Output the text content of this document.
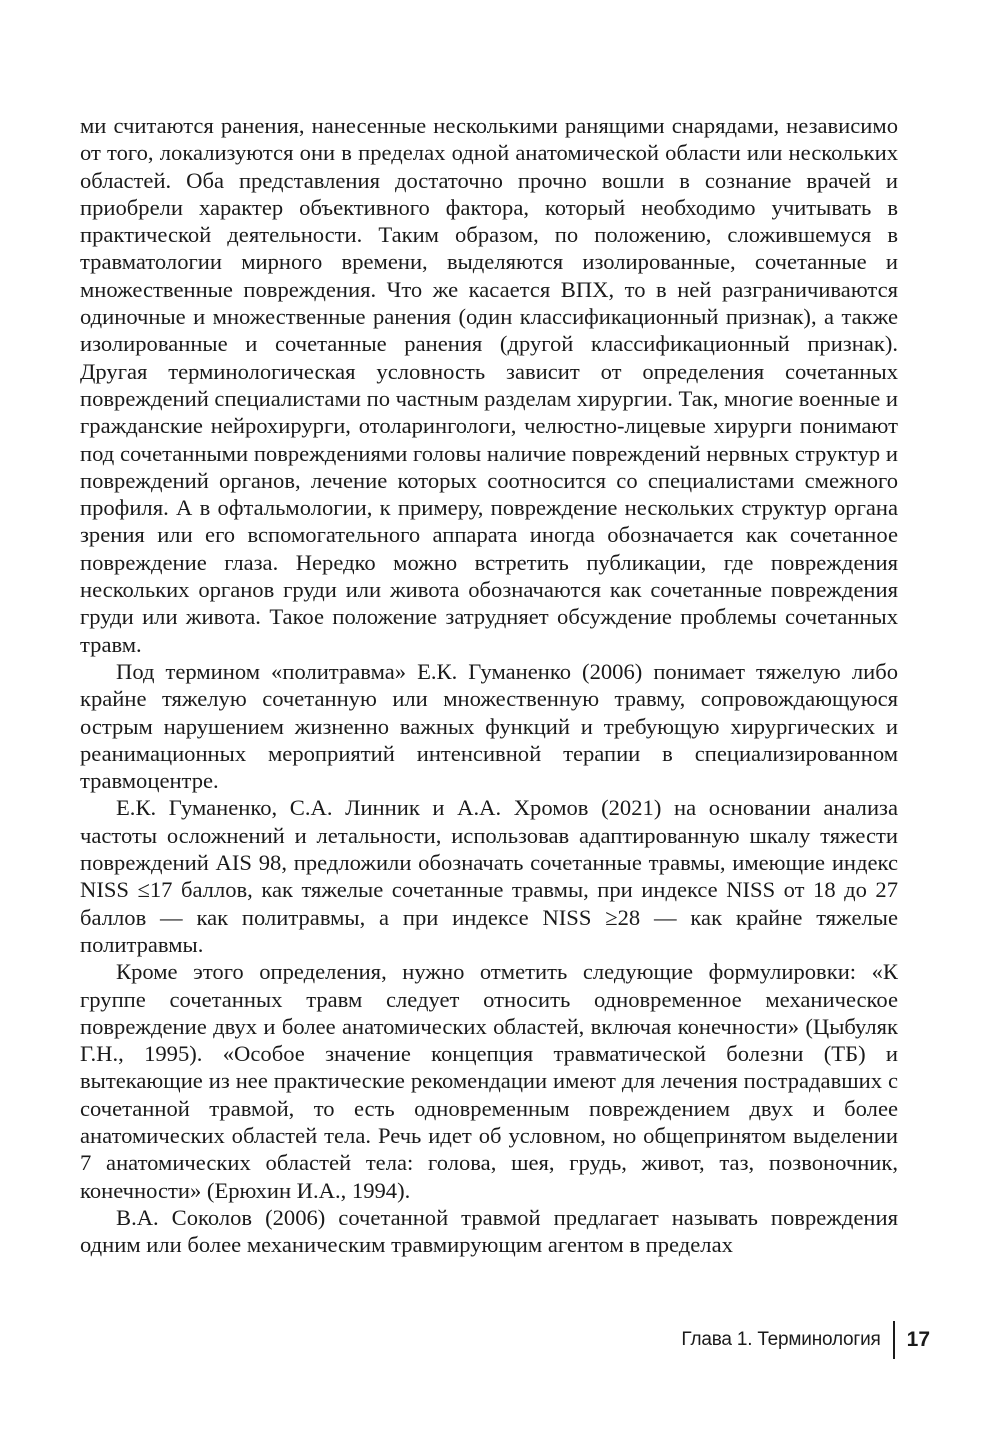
ми считаются ранения, нанесенные несколькими ранящими снарядами, независимо от того, локализуются они в пределах одной анатомической области или нескольких областей. Оба представления достаточно прочно вошли в сознание врачей и приобрели характер объективного фактора, который необходимо учитывать в практической деятельности. Таким образом, по положению, сложившемуся в травматологии мирного времени, выделяются изолированные, сочетанные и множественные повреждения. Что же касается ВПХ, то в ней разграничиваются одиночные и множественные ранения (один классификационный признак), а также изолированные и сочетанные ранения (другой классификационный признак). Другая терминологическая условность зависит от определения сочетанных повреждений специалистами по частным разделам хирургии. Так, многие военные и гражданские нейрохирурги, отоларингологи, челюстно-лицевые хирурги понимают под сочетанными повреждениями головы наличие повреждений нервных структур и повреждений органов, лечение которых соотносится со специалистами смежного профиля. А в офтальмологии, к примеру, повреждение нескольких структур органа зрения или его вспомогательного аппарата иногда обозначается как сочетанное повреждение глаза. Нередко можно встретить публикации, где повреждения нескольких органов груди или живота обозначаются как сочетанные повреждения груди или живота. Такое положение затрудняет обсуждение проблемы сочетанных травм.

Под термином «политравма» Е.К. Гуманенко (2006) понимает тяжелую либо крайне тяжелую сочетанную или множественную травму, сопровождающуюся острым нарушением жизненно важных функций и требующую хирургических и реанимационных мероприятий интенсивной терапии в специализированном травмоцентре.

Е.К. Гуманенко, С.А. Линник и А.А. Хромов (2021) на основании анализа частоты осложнений и летальности, использовав адаптированную шкалу тяжести повреждений AIS 98, предложили обозначать сочетанные травмы, имеющие индекс NISS ≤17 баллов, как тяжелые сочетанные травмы, при индексе NISS от 18 до 27 баллов — как политравмы, а при индексе NISS ≥28 — как крайне тяжелые политравмы.

Кроме этого определения, нужно отметить следующие формулировки: «К группе сочетанных травм следует относить одновременное механическое повреждение двух и более анатомических областей, включая конечности» (Цыбуляк Г.Н., 1995). «Особое значение концепция травматической болезни (ТБ) и вытекающие из нее практические рекомендации имеют для лечения пострадавших с сочетанной травмой, то есть одновременным повреждением двух и более анатомических областей тела. Речь идет об условном, но общепринятом выделении 7 анатомических областей тела: голова, шея, грудь, живот, таз, позвоночник, конечности» (Ерюхин И.А., 1994).

В.А. Соколов (2006) сочетанной травмой предлагает называть повреждения одним или более механическим травмирующим агентом в пределах

Глава 1. Терминология 17
